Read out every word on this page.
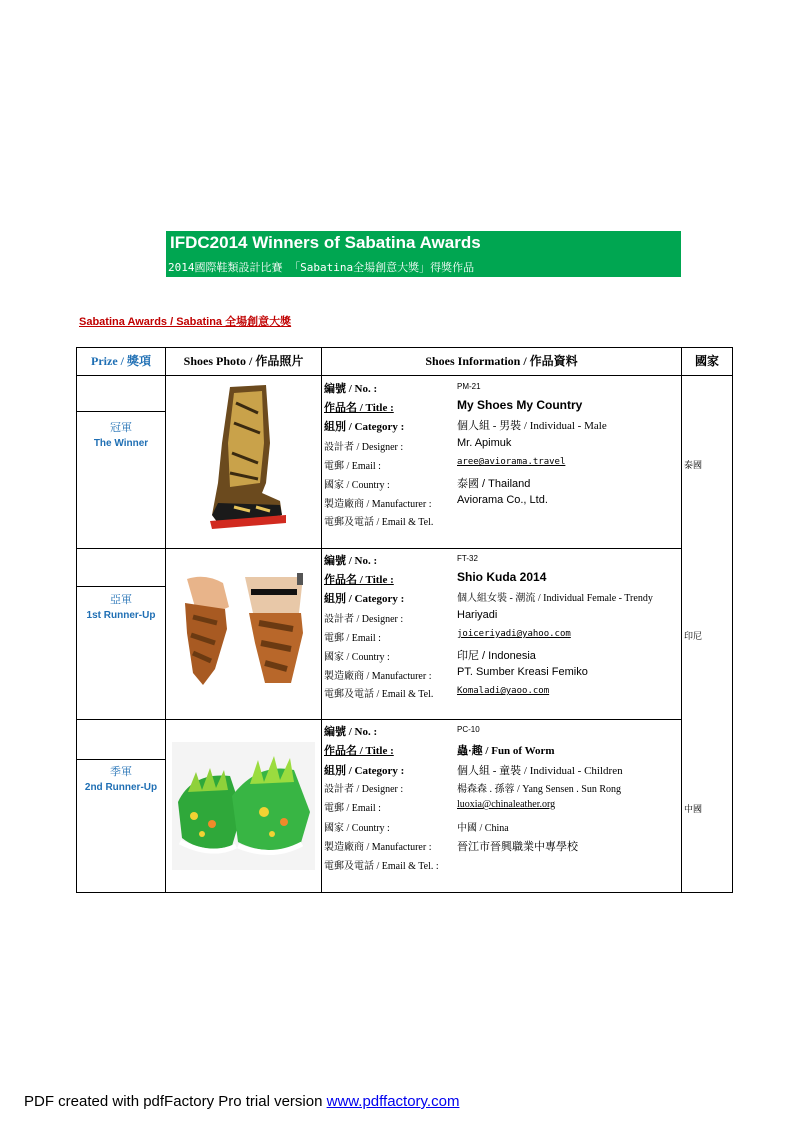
IFDC2014 Winners of Sabatina Awards
2014國際鞋類設計比賽 「Sabatina全場創意大獎」得獎作品
Sabatina Awards / Sabatina 全場創意大獎
Prize / 獎項	Shoes Photo / 作品照片	Shoes Information / 作品資料	國家
冠軍
The Winner
編號 / No. :	PM-21
作品名 / Title :	My Shoes My Country
組別 / Category :	個人組 - 男裝 / Individual - Male
設計者 / Designer :	Mr. Apimuk
電郵 / Email :	aree@aviorama.travel
國家 / Country :	泰國 / Thailand
製造廠商 / Manufacturer : Aviorama Co., Ltd.
電郵及電話 / Email & Tel.
泰國
亞軍
1st Runner-Up
編號 / No. :	FT-32
作品名 / Title :	Shio Kuda 2014
組別 / Category :	個人組女裝 - 潮流 / Individual Female - Trendy
設計者 / Designer :	Hariyadi
電郵 / Email :	joiceriyadi@yahoo.com
國家 / Country :	印尼 / Indonesia
製造廠商 / Manufacturer : PT. Sumber Kreasi Femiko
電郵及電話 / Email & Tel.	Komaladi@yaoo.com
印尼
季軍
2nd Runner-Up
編號 / No. :	PC-10
作品名 / Title :	蟲·趣 / Fun of Worm
組別 / Category :	個人組 - 童裝 / Individual - Children
設計者 / Designer :	楊森森 . 孫蓉 / Yang Sensen . Sun Rong
電郵 / Email :	luoxia@chinaleather.org
國家 / Country :	中國 / China
製造廠商 / Manufacturer : 晉江市晉興職業中專學校
電郵及電話 / Email & Tel. :
中國
PDF created with pdfFactory Pro trial version www.pdffactory.com
